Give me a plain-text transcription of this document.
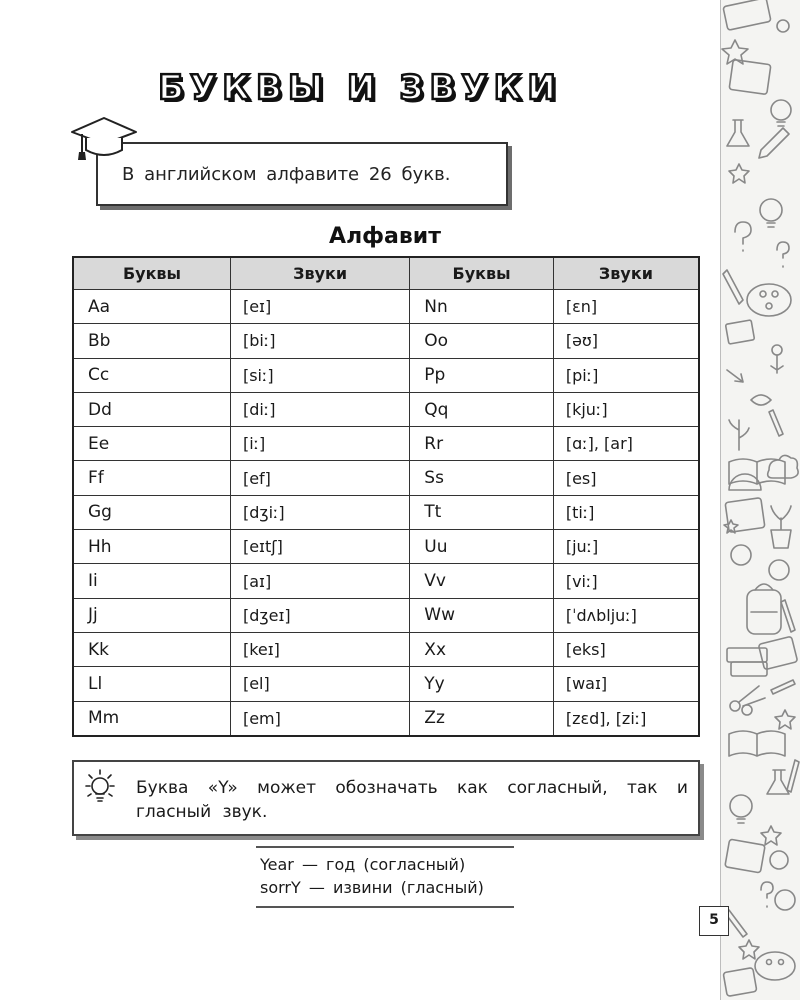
БУКВЫ И ЗВУКИ
В английском алфавите 26 букв.
Алфавит
Буквы	Звуки	Буквы	Звуки
Aa	[eɪ]	Nn	[ɛn]
Bb	[biː]	Oo	[əʊ]
Cc	[siː]	Pp	[piː]
Dd	[diː]	Qq	[kjuː]
Ee	[iː]	Rr	[ɑː], [ar]
Ff	[ef]	Ss	[es]
Gg	[dʒiː]	Tt	[tiː]
Hh	[eɪtʃ]	Uu	[juː]
Ii	[aɪ]	Vv	[viː]
Jj	[dʒeɪ]	Ww	[ˈdʌbljuː]
Kk	[keɪ]	Xx	[eks]
Ll	[el]	Yy	[waɪ]
Mm	[em]	Zz	[zɛd], [ziː]
Буква «Y» может обозначать как согласный, так и гласный звук.
Year — год (согласный)
sorrY — извини (гласный)
5
